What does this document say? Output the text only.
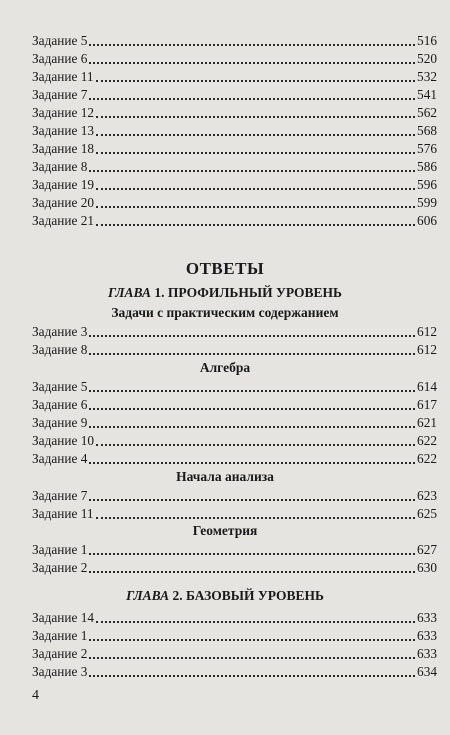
Задание 5	516
Задание 6	520
Задание 11	532
Задание 7	541
Задание 12	562
Задание 13	568
Задание 18	576
Задание 8	586
Задание 19	596
Задание 20	599
Задание 21	606
ОТВЕТЫ
ГЛАВА 1. ПРОФИЛЬНЫЙ УРОВЕНЬ
Задачи с практическим содержанием
Задание 3	612
Задание 8	612
Алгебра
Задание 5	614
Задание 6	617
Задание 9	621
Задание 10	622
Задание 4	622
Начала анализа
Задание 7	623
Задание 11	625
Геометрия
Задание 1	627
Задание 2	630
ГЛАВА 2. БАЗОВЫЙ УРОВЕНЬ
Задание 14	633
Задание 1	633
Задание 2	633
Задание 3	634
4
